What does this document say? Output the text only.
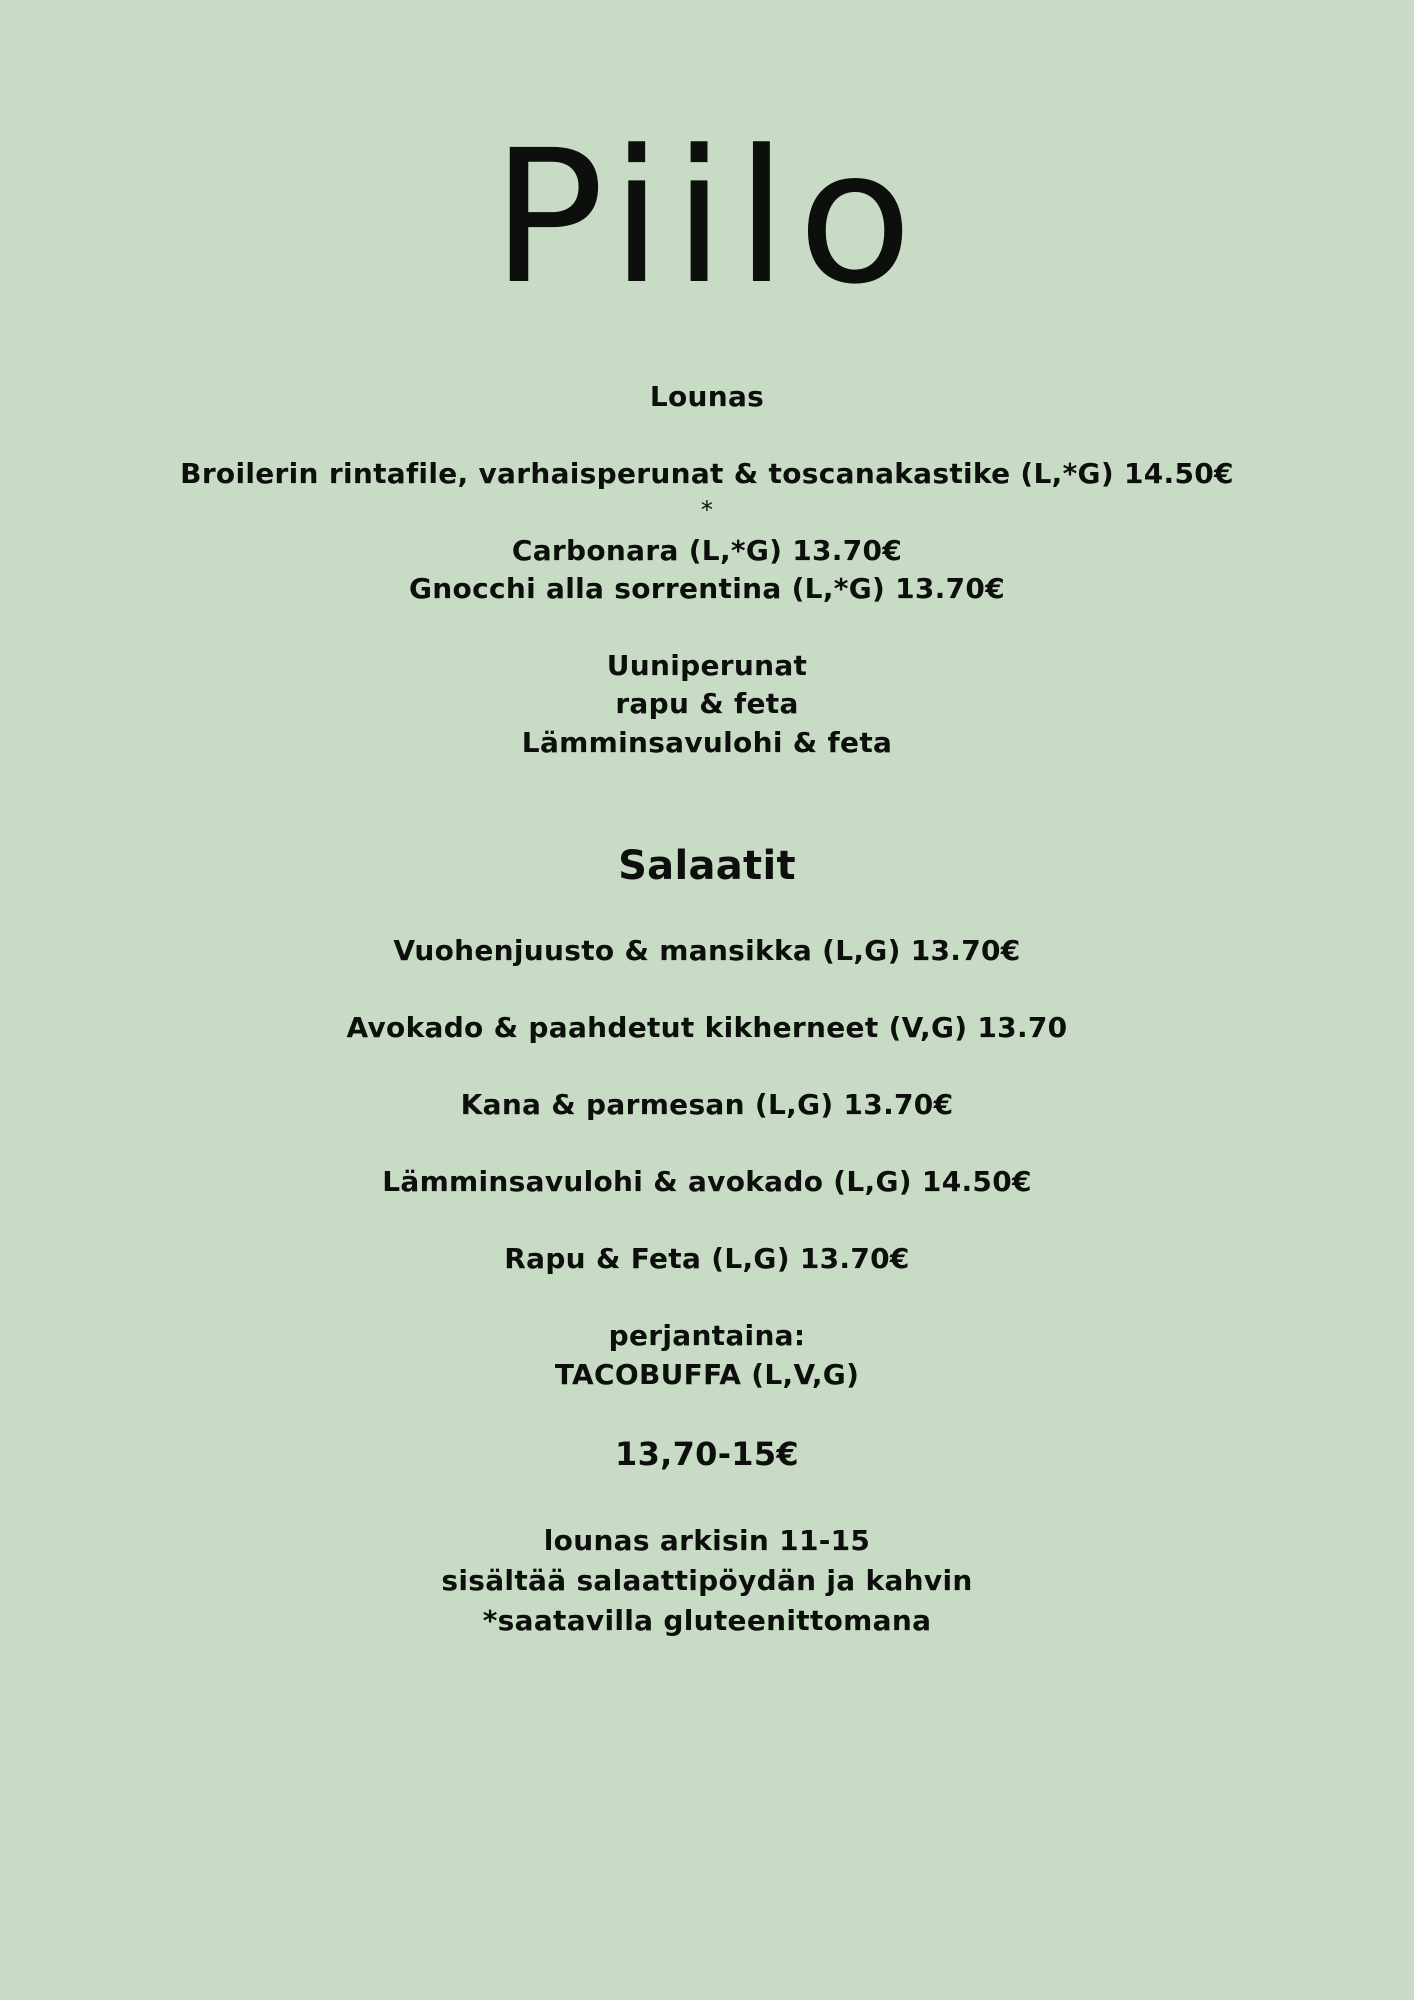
Piilo
Lounas
Broilerin rintafile, varhaisperunat & toscanakastike (L,*G) 14.50€
*
Carbonara (L,*G) 13.70€
Gnocchi alla sorrentina (L,*G) 13.70€
Uuniperunat
rapu & feta
Lämminsavulohi & feta
Salaatit
Vuohenjuusto & mansikka (L,G) 13.70€
Avokado & paahdetut kikherneet (V,G) 13.70
Kana & parmesan (L,G) 13.70€
Lämminsavulohi & avokado (L,G) 14.50€
Rapu & Feta (L,G) 13.70€
perjantaina:
TACOBUFFA (L,V,G)
13,70-15€
lounas arkisin 11-15
sisältää salaattipöydän ja kahvin
*saatavilla gluteenittomana
